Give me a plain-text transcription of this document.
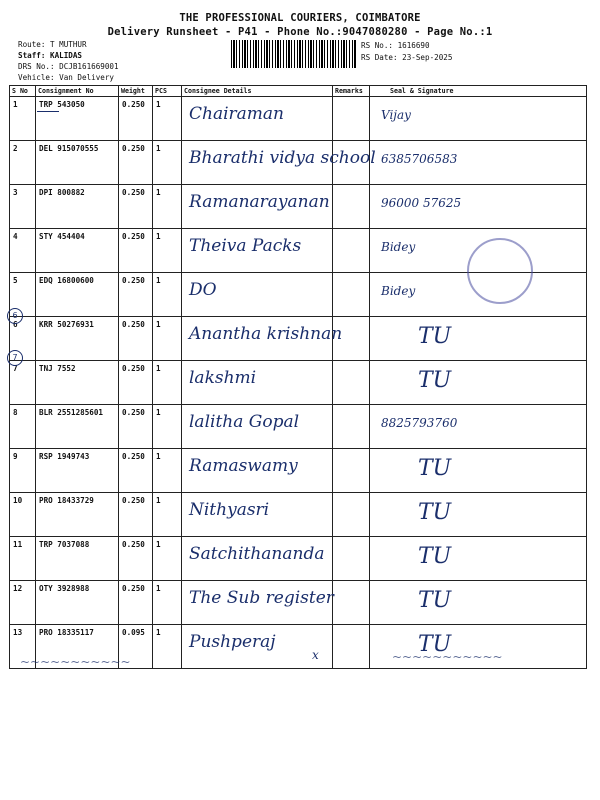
THE PROFESSIONAL COURIERS, COIMBATORE
Delivery Runsheet - P41 - Phone No.:9047080280 - Page No.:1
Route: T MUTHUR
Staff: KALIDAS
DRS No.: DCJB161669001
Vehicle: Van Delivery
RS No.: 1616690
RS Date: 23-Sep-2025
S No	Consignment No	Weight	PCS	Consignee Details	Remarks	Seal & Signature
1	TRP 543050	0.250	1	Chairaman		Vijay
2	DEL 915070555	0.250	1	Bharathi vidya school		6385706583
3	DPI 800882	0.250	1	Ramanarayanan		96000 57625
4	STY 454404	0.250	1	Theiva Packs		Bidey
5	EDQ 16800600	0.250	1	DO		Bidey
6	KRR 50276931	0.250	1	Anantha krishnan		TU
7	TNJ 7552	0.250	1	lakshmi		TU
8	BLR 2551285601	0.250	1	lalitha Gopal		8825793760
9	RSP 1949743	0.250	1	Ramaswamy		TU
10	PRO 18433729	0.250	1	Nithyasri		TU
11	TRP 7037088	0.250	1	Satchithananda		TU
12	OTY 3928988	0.250	1	The Sub register		TU
13	PRO 18335117	0.095	1	Pushperaj		TU
6
7
~~~~~~~~~~~	x	~~~~~~~~~~~
